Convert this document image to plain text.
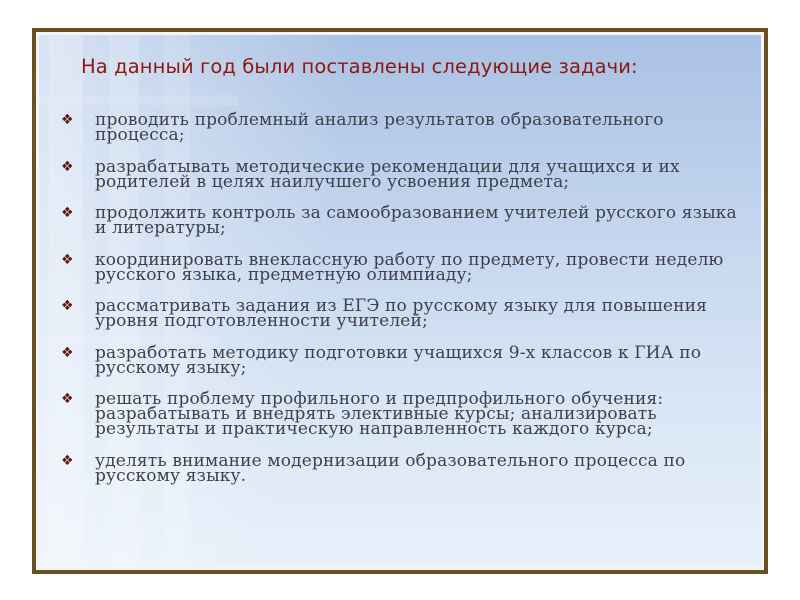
На данный год были поставлены следующие задачи:
❖ проводить проблемный анализ результатов образовательного процесса;
❖ разрабатывать методические рекомендации для учащихся и их родителей в целях наилучшего усвоения предмета;
❖ продолжить контроль за самообразованием учителей русского языка и литературы;
❖ координировать внеклассную работу по предмету, провести неделю русского языка, предметную олимпиаду;
❖ рассматривать задания из ЕГЭ по русскому языку для повышения уровня подготовленности учителей;
❖ разработать методику подготовки учащихся 9-х классов к ГИА по русскому языку;
❖ решать проблему профильного и предпрофильного обучения: разрабатывать и внедрять элективные курсы; анализировать результаты и практическую направленность каждого курса;
❖ уделять внимание модернизации образовательного процесса по русскому языку.
